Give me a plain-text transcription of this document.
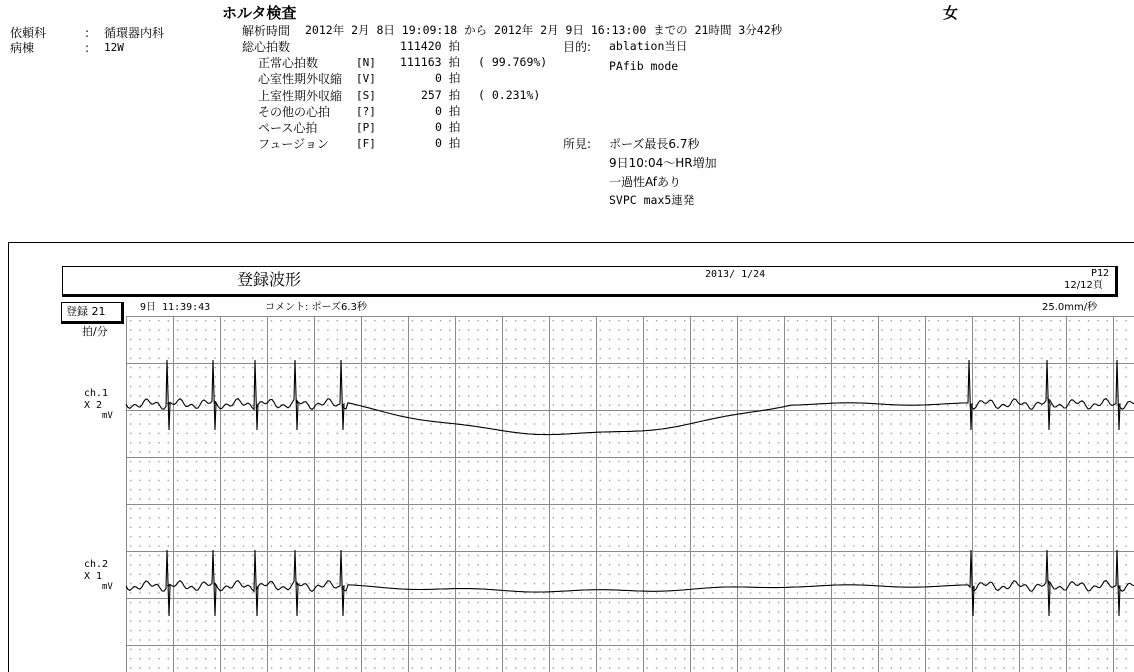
依頼科	: 循環器内科
病棟	: 12W
ホルタ検査	女
解析時間 2012年 2月 8日 19:09:18 から 2012年 2月 9日 16:13:00 までの 21時間 3分42秒
総心拍数	111420 拍
正常心拍数	[N] 111163 拍 ( 99.769%)
心室性期外収縮 [V]	0 拍
上室性期外収縮 [S]	257 拍 ( 0.231%)
その他の心拍 [?]	0 拍
ペース心拍	[P]	0 拍
フュージョン [F]	0 拍
目的: ablation当日
PAfib mode
所見: ポーズ最長6.7秒
9日10:04～HR増加
一過性Afあり
SVPC max5連発
登録波形	2013/ 1/24	P12
12/12頁
登録 21	9日 11:39:43	コメント: ポーズ6.3秒	25.0mm/秒
拍/分
ch.1
X 2
mV
ch.2
X 1
mV
